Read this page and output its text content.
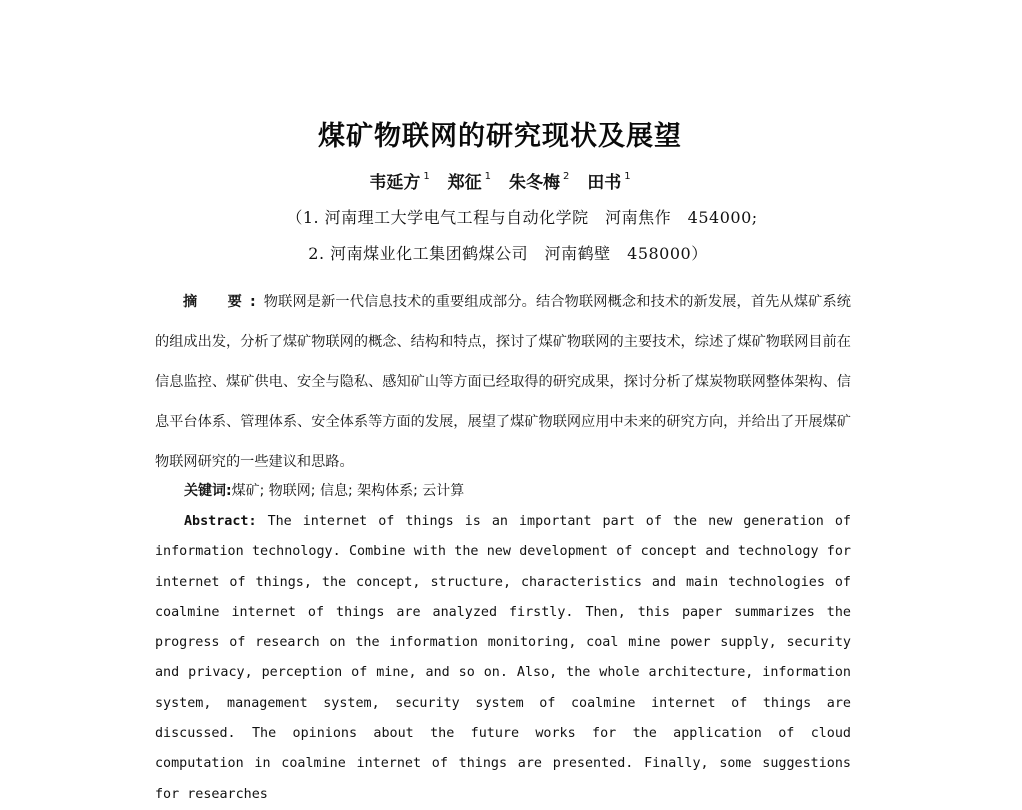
煤矿物联网的研究现状及展望
韦延方 $^1$ 郑征 $^1$ 朱冬梅 $^2$ 田书 $^1$
（1. 河南理工大学电气工程与自动化学院　河南焦作　454000;
2. 河南煤业化工集团鹤煤公司　河南鹤壁　458000）
摘　要:物联网是新一代信息技术的重要组成部分。结合物联网概念和技术的新发展，首先从煤矿系统的组成出发，分析了煤矿物联网的概念、结构和特点，探讨了煤矿物联网的主要技术，综述了煤矿物联网目前在信息监控、煤矿供电、安全与隐私、感知矿山等方面已经取得的研究成果，探讨分析了煤炭物联网整体架构、信息平台体系、管理体系、安全体系等方面的发展，展望了煤矿物联网应用中未来的研究方向，并给出了开展煤矿物联网研究的一些建议和思路。
关键词:煤矿; 物联网; 信息; 架构体系; 云计算
Abstract: The internet of things is an important part of the new generation of information technology. Combine with the new development of concept and technology for internet of things, the concept, structure, characteristics and main technologies of coalmine internet of things are analyzed firstly. Then, this paper summarizes the progress of research on the information monitoring, coal mine power supply, security and privacy, perception of mine, and so on. Also, the whole architecture, information system, management system, security system of coalmine internet of things are discussed. The opinions about the future works for the application of cloud computation in coalmine internet of things are presented. Finally, some suggestions for researches
